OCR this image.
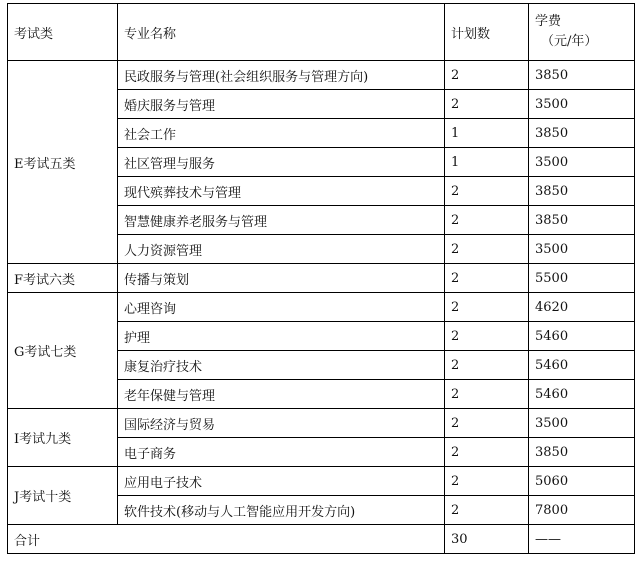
考试类	专业名称	计划数	学费
（元/年）

E考试五类	民政服务与管理(社会组织服务与管理方向)	2	3850
	婚庆服务与管理	2	3500
	社会工作	1	3850
	社区管理与服务	1	3500
	现代殡葬技术与管理	2	3850
	智慧健康养老服务与管理	2	3850
	人力资源管理	2	3500
F考试六类	传播与策划	2	5500
G考试七类	心理咨询	2	4620
	护理	2	5460
	康复治疗技术	2	5460
	老年保健与管理	2	5460
I考试九类	国际经济与贸易	2	3500
	电子商务	2	3850
J考试十类	应用电子技术	2	5060
	软件技术(移动与人工智能应用开发方向)	2	7800
合计		30	——
